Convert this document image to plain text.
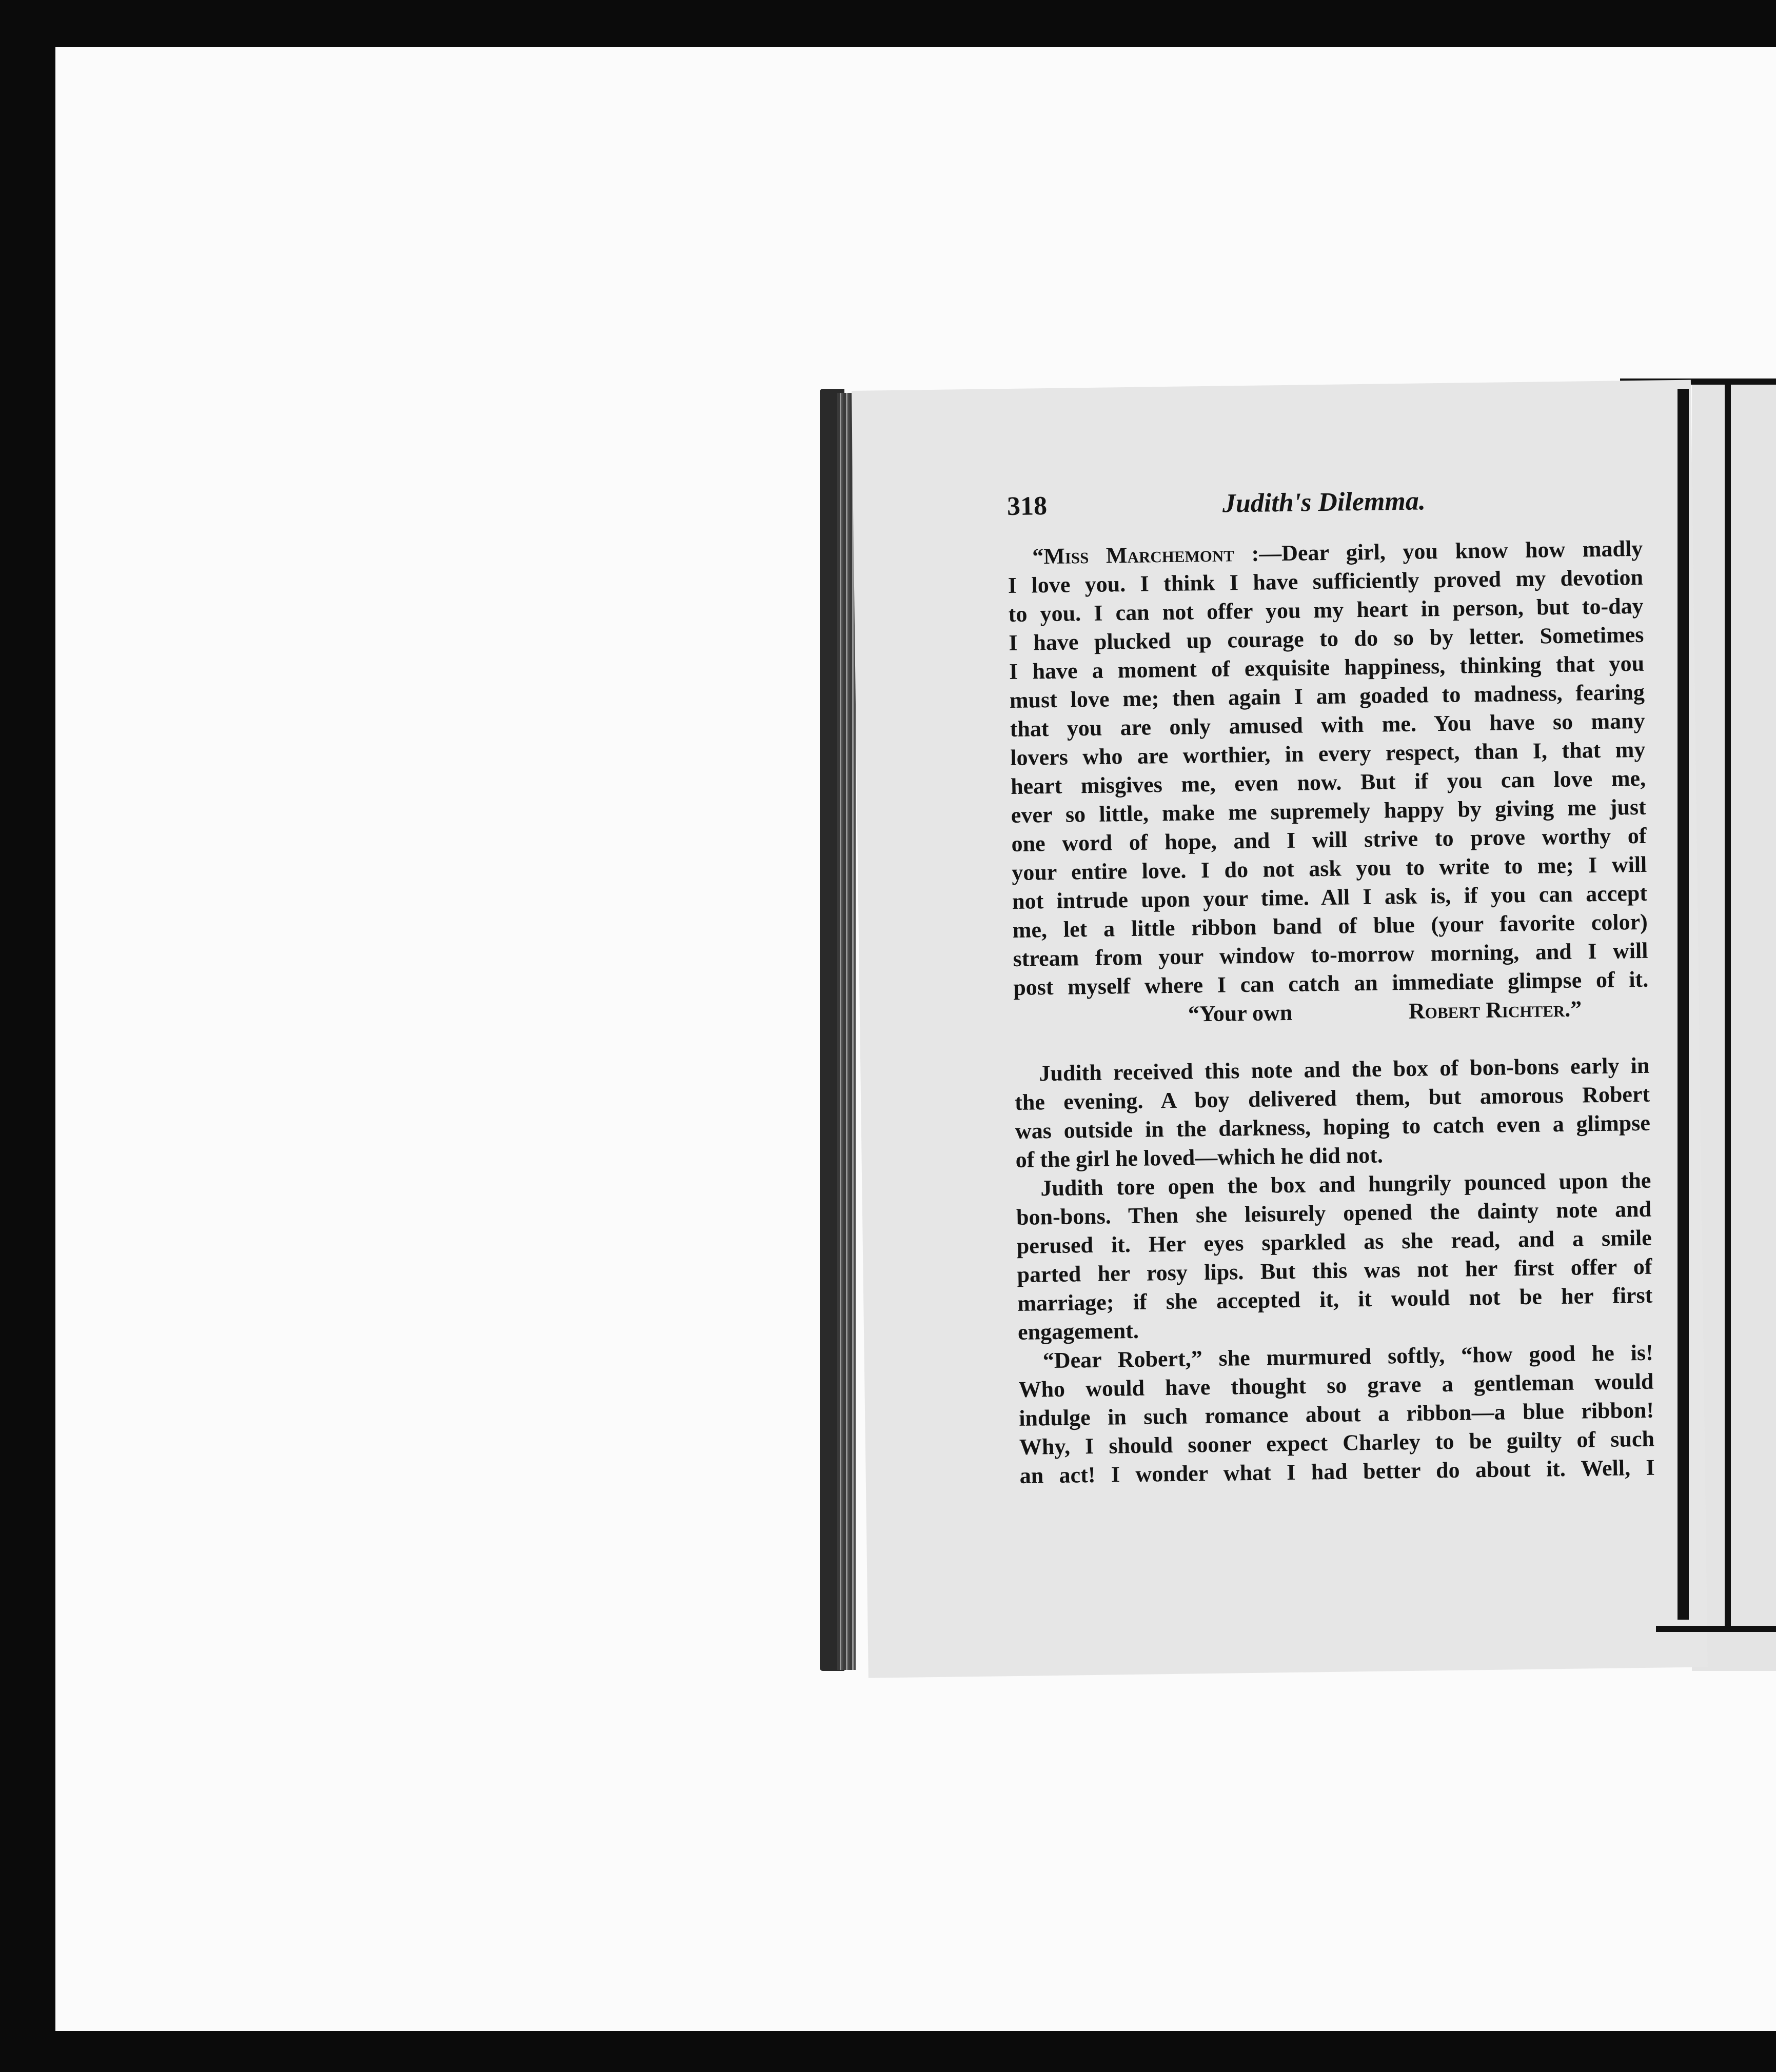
318	Judith's Dilemma.
“Miss Marchemont :—Dear girl, you know how madly
I love you. I think I have sufficiently proved my devotion
to you. I can not offer you my heart in person, but to-day
I have plucked up courage to do so by letter. Sometimes
I have a moment of exquisite happiness, thinking that you
must love me; then again I am goaded to madness, fearing
that you are only amused with me. You have so many
lovers who are worthier, in every respect, than I, that my
heart misgives me, even now. But if you can love me,
ever so little, make me supremely happy by giving me just
one word of hope, and I will strive to prove worthy of
your entire love. I do not ask you to write to me; I will
not intrude upon your time. All I ask is, if you can accept
me, let a little ribbon band of blue (your favorite color)
stream from your window to-morrow morning, and I will
post myself where I can catch an immediate glimpse of it.
“Your own	Robert Richter.”
Judith received this note and the box of bon-bons early in
the evening. A boy delivered them, but amorous Robert
was outside in the darkness, hoping to catch even a glimpse
of the girl he loved—which he did not.
Judith tore open the box and hungrily pounced upon the
bon-bons. Then she leisurely opened the dainty note and
perused it. Her eyes sparkled as she read, and a smile
parted her rosy lips. But this was not her first offer of
marriage; if she accepted it, it would not be her first
engagement.
“Dear Robert,” she murmured softly, “how good he is!
Who would have thought so grave a gentleman would
indulge in such romance about a ribbon—a blue ribbon!
Why, I should sooner expect Charley to be guilty of such
an act! I wonder what I had better do about it. Well, I
